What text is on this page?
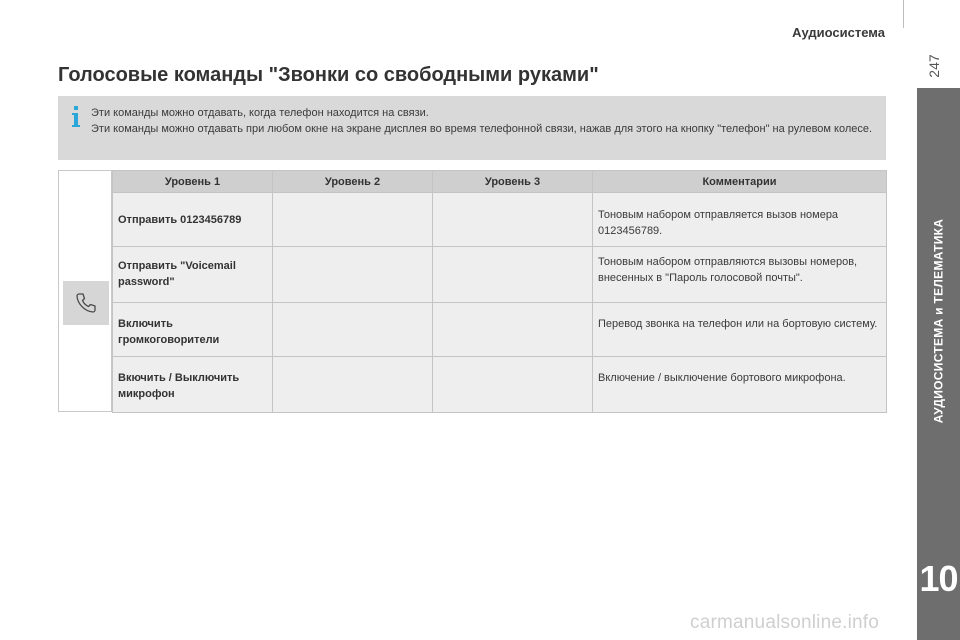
Аудиосистема
247
АУДИОСИСТЕМА и ТЕЛЕМАТИКА
10
Голосовые команды "Звонки со свободными руками"
Эти команды можно отдавать, когда телефон находится на связи.
Эти команды можно отдавать при любом окне на экране дисплея во время телефонной связи, нажав для этого на кнопку "телефон" на рулевом колесе.
Уровень 1	Уровень 2	Уровень 3	Комментарии
Отправить 0123456789			Тоновым набором отправляется вызов номера 0123456789.
Отправить "Voicemail password"			Тоновым набором отправляются вызовы номеров, внесенных в "Пароль голосовой почты".
Включить громкоговорители			Перевод звонка на телефон или на бортовую систему.
Вкючить / Выключить микрофон			Включение / выключение бортового микрофона.
carmanualsonline.info
